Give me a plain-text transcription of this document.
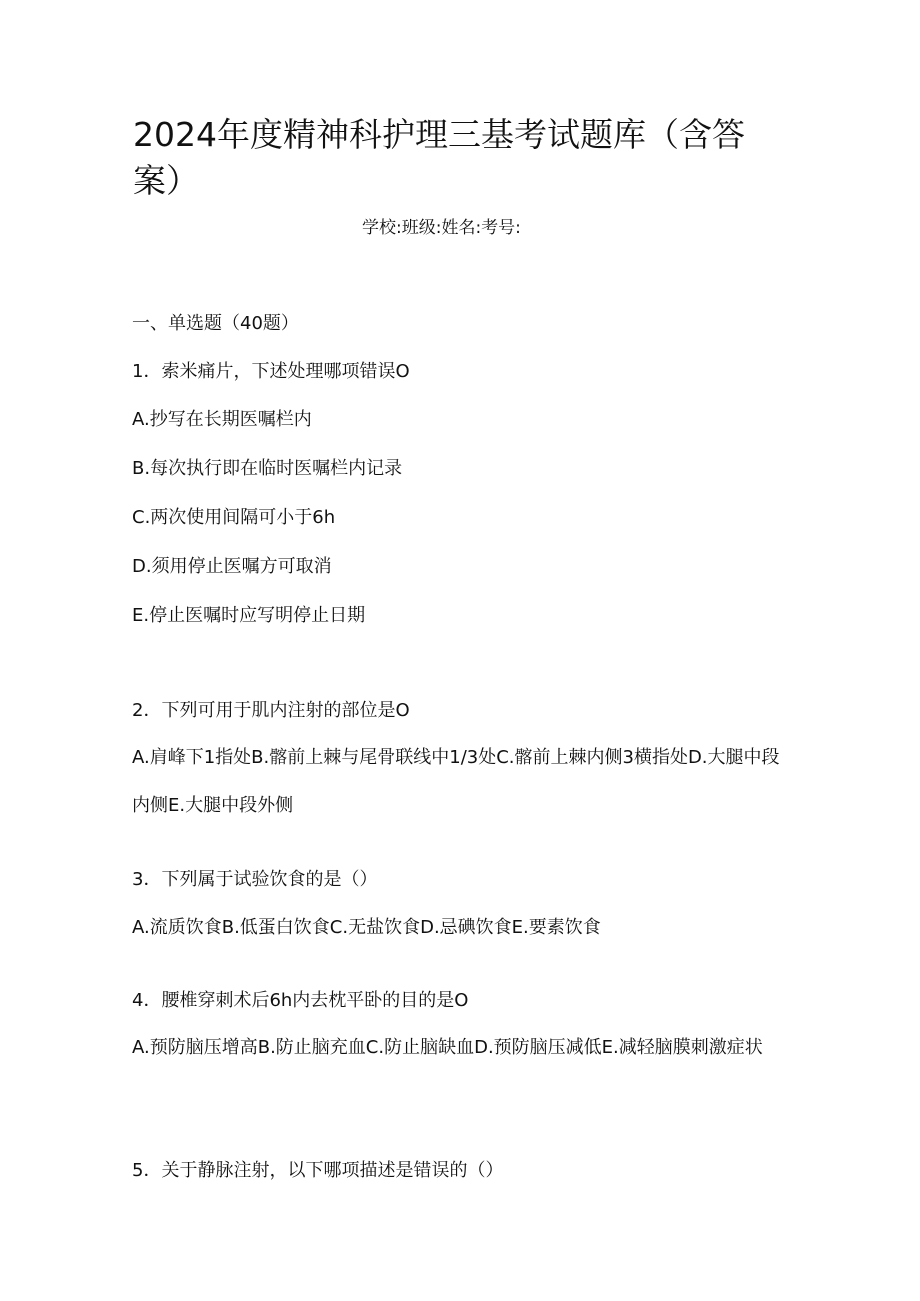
2024年度精神科护理三基考试题库（含答案）

学校:班级:姓名:考号:

一、单选题（40题）

1．索米痛片，下述处理哪项错误O

A.抄写在长期医嘱栏内

B.每次执行即在临时医嘱栏内记录

C.两次使用间隔可小于6h

D.须用停止医嘱方可取消

E.停止医嘱时应写明停止日期

2．下列可用于肌内注射的部位是O

A.肩峰下1指处B.髂前上棘与尾骨联线中1/3处C.髂前上棘内侧3横指处D.大腿中段内侧E.大腿中段外侧

3．下列属于试验饮食的是（）

A.流质饮食B.低蛋白饮食C.无盐饮食D.忌碘饮食E.要素饮食

4．腰椎穿刺术后6h内去枕平卧的目的是O

A.预防脑压增高B.防止脑充血C.防止脑缺血D.预防脑压减低E.减轻脑膜刺激症状

5．关于静脉注射，以下哪项描述是错误的（）
